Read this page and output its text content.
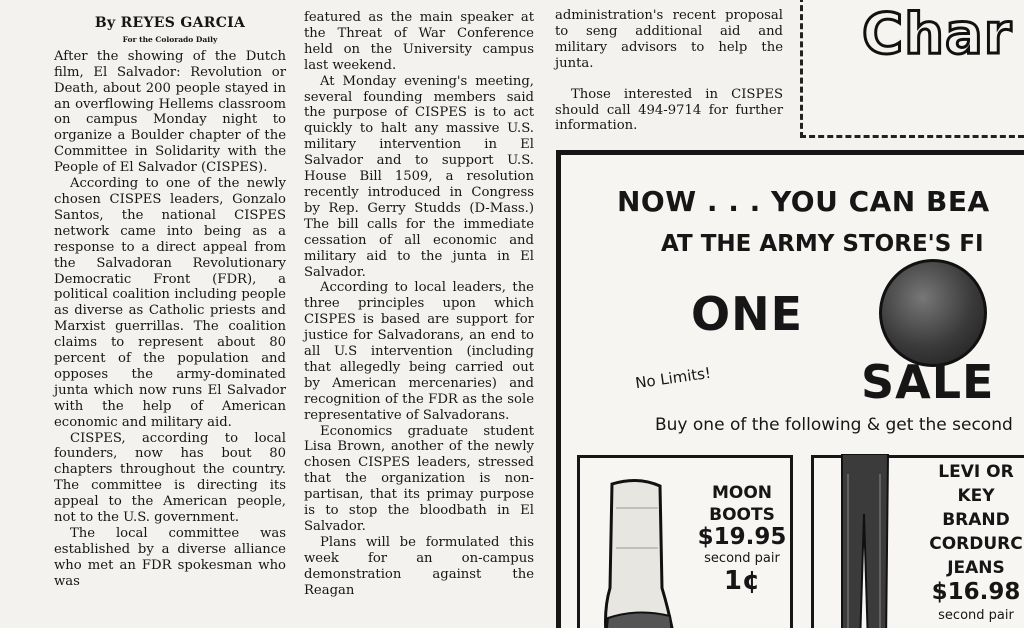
By REYES GARCIA
For the Colorado Daily

After the showing of the Dutch film, El Salvador: Revolution or Death, about 200 people stayed in an overflowing Hellems classroom on campus Monday night to organize a Boulder chapter of the Committee in Solidarity with the People of El Salvador (CISPES).

According to one of the newly chosen CISPES leaders, Gonzalo Santos, the national CISPES network came into being as a response to a direct appeal from the Salvadoran Revolutionary Democratic Front (FDR), a political coalition including people as diverse as Catholic priests and Marxist guerrillas. The coalition claims to represent about 80 percent of the population and opposes the army-dominated junta which now runs El Salvador with the help of American economic and military aid.

CISPES, according to local founders, now has bout 80 chapters throughout the country. The committee is directing its appeal to the American people, not to the U.S. government.

The local committee was established by a diverse alliance who met an FDR spokesman who was

featured as the main speaker at the Threat of War Conference held on the University campus last weekend.

At Monday evening's meeting, several founding members said the purpose of CISPES is to act quickly to halt any massive U.S. military intervention in El Salvador and to support U.S. House Bill 1509, a resolution recently introduced in Congress by Rep. Gerry Studds (D-Mass.) The bill calls for the immediate cessation of all economic and military aid to the junta in El Salvador.

According to local leaders, the three principles upon which CISPES is based are support for justice for Salvadorans, an end to all U.S intervention (including that allegedly being carried out by American mercenaries) and recognition of the FDR as the sole representative of Salvadorans.

Economics graduate student Lisa Brown, another of the newly chosen CISPES leaders, stressed that the organization is non-partisan, that its primay purpose is to stop the bloodbath in El Salvador.

Plans will be formulated this week for an on-campus demonstration against the Reagan

administration's recent proposal to seng additional aid and military advisors to help the junta.

Those interested in CISPES should call 494-9714 for further information.

Char
NOW . . . YOU CAN BEA
AT THE ARMY STORE'S FI
ONE
No Limits!	SALE
Buy one of the following & get the second
MOON
BOOTS
$19.95
second pair
1¢
LEVI OR
KEY
BRAND
CORDURC
JEANS
$16.98
second pair
